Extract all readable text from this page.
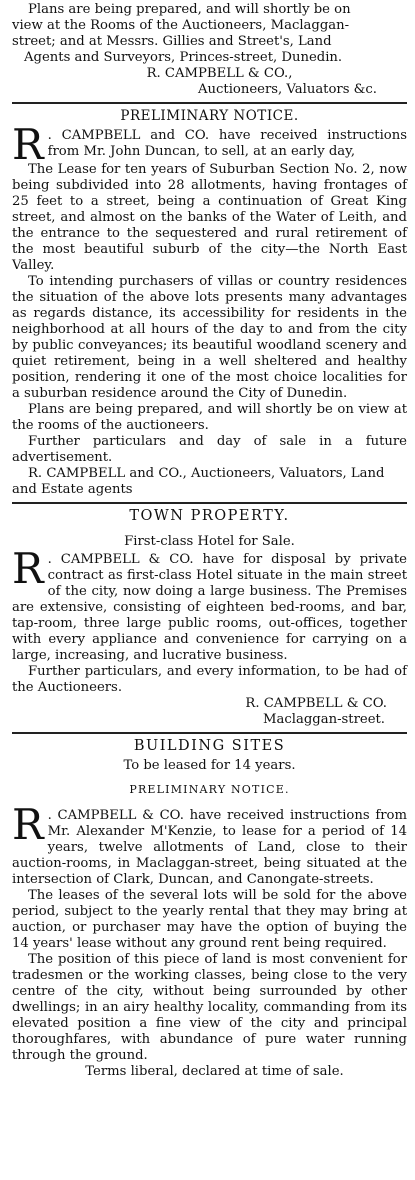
Plans are being prepared, and will shortly be on

view at the Rooms of the Auctioneers, Maclaggan-

street; and at Messrs. Gillies and Street's, Land

Agents and Surveyors, Princes-street, Dunedin.

R. CAMPBELL & CO.,

Auctioneers, Valuators &c.

PRELIMINARY NOTICE.
R . CAMPBELL and CO. have received instructions from Mr. John Duncan, to sell, at an early day,

The Lease for ten years of Suburban Section No. 2, now being subdivided into 28 allotments, having frontages of 25 feet to a street, being a continuation of Great King street, and almost on the banks of the Water of Leith, and the entrance to the sequestered and rural retirement of the most beautiful suburb of the city—the North East Valley.

To intending purchasers of villas or country residences the situation of the above lots presents many advantages as regards distance, its accessibility for residents in the neighborhood at all hours of the day to and from the city by public conveyances; its beautiful woodland scenery and quiet retirement, being in a well sheltered and healthy position, rendering it one of the most choice localities for a suburban residence around the City of Dunedin.

Plans are being prepared, and will shortly be on view at the rooms of the auctioneers.

Further particulars and day of sale in a future advertisement.

R. CAMPBELL and CO., Auctioneers, Valuators, Land and Estate agents

TOWN PROPERTY.

First-class Hotel for Sale.

R . CAMPBELL & CO. have for disposal by private contract as first-class Hotel situate in the main street of the city, now doing a large business. The Premises are extensive, consisting of eighteen bed-rooms, and bar, tap-room, three large public rooms, out-offices, together with every appliance and convenience for carrying on a large, increasing, and lucrative business.

Further particulars, and every information, to be had of the Auctioneers.

R. CAMPBELL & CO.

Maclaggan-street.

BUILDING SITES

To be leased for 14 years.

PRELIMINARY NOTICE.
R . CAMPBELL & CO. have received instructions from Mr. Alexander M'Kenzie, to lease for a period of 14 years, twelve allotments of Land, close to their auction-rooms, in Maclaggan-street, being situated at the intersection of Clark, Duncan, and Canongate-streets.

The leases of the several lots will be sold for the above period, subject to the yearly rental that they may bring at auction, or purchaser may have the option of buying the 14 years' lease without any ground rent being required.

The position of this piece of land is most convenient for tradesmen or the working classes, being close to the very centre of the city, without being surrounded by other dwellings; in an airy healthy locality, commanding from its elevated position a fine view of the city and principal thoroughfares, with abundance of pure water running through the ground.

Terms liberal, declared at time of sale.
